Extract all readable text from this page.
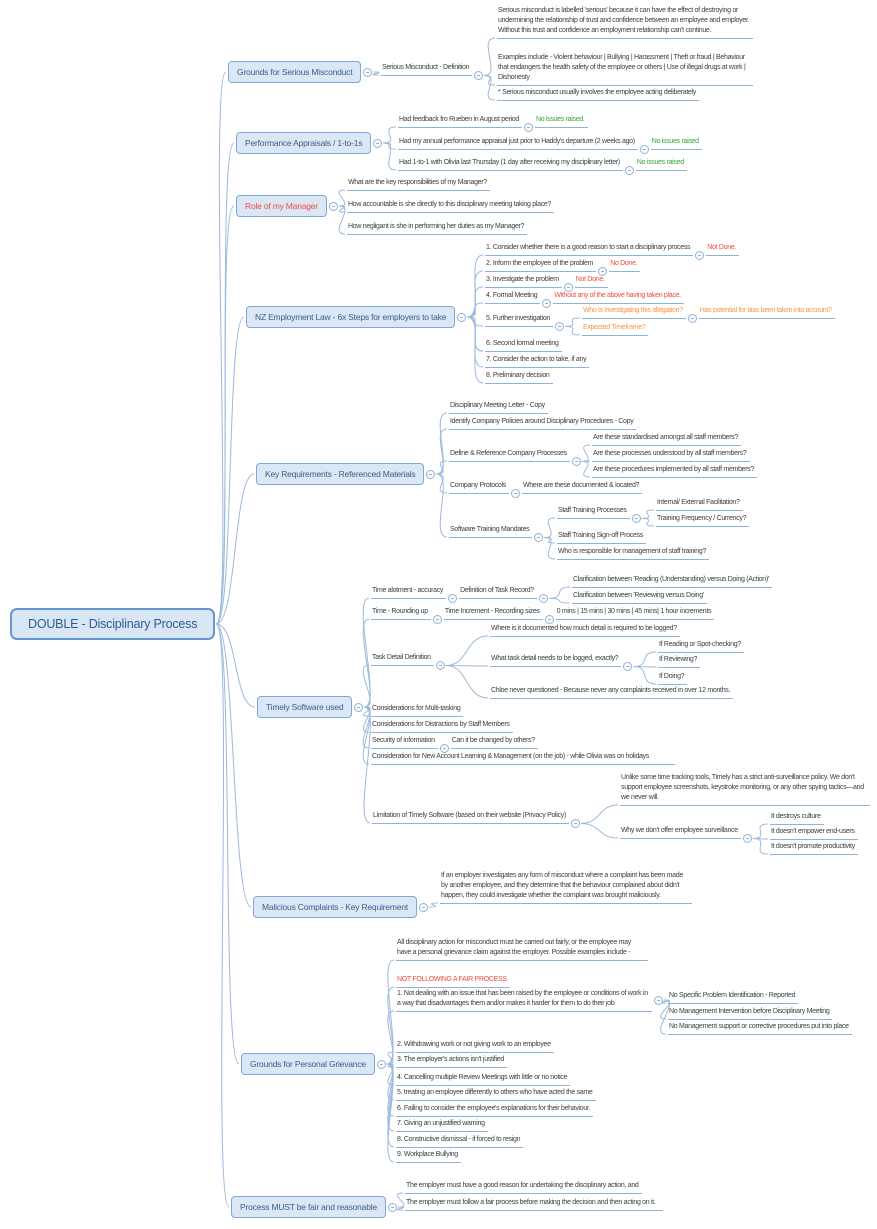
DOUBLE - Disciplinary Process
Grounds for Serious Misconduct	Serious Misconduct - Definition
Serious misconduct is labelled 'serious' because it can have the effect of destroying or undermining the relationship of trust and confidence between an employee and employer. Without this trust and confidence an employment relationship can't continue.
Examples include - Violent behaviour | Bullying | Harassment | Theft or fraud | Behaviour that endangers the health safety of the employee or others | Use of illegal drugs at work | Dishonesty
* Serious misconduct usually involves the employee acting deliberately
Performance Appraisals / 1-to-1s
Had feedback fro Rueben in August period	No issues raised.
Had my annual performance appraisal just prior to Haddy's departure (2 weeks ago)	No issues raised
Had 1-to-1 with Olivia last Thursday (1 day after receiving my disciplinary letter)	No issues raised
Role of my Manager
What are the key responsibilities of my Manager?
How accountable is she directly to this disciplinary meeting taking place?
How negligant is she in performing her duties as my Manager?
NZ Employment Law - 6x Steps for employers to take
1. Consider whether there is a good reason to start a disciplinary process	Not Done.
2. Inform the employee of the problem	No Done.
3. Investigate the problem	Not Done.
4. Formal Meeting	Without any of the above having taken place.
5. Further investigation
Who is investigating this allegation?	Has potential for bias been taken into account?
Expected Timeframe?
6. Second formal meeting
7. Consider the action to take, if any
8. Preliminary decision
Key Requirements - Referenced Materials
Disciplinary Meeting Letter - Copy
Identify Company Policies around Disciplinary Procedures - Copy
Define & Reference Company Processes
Are these standardised amongst all staff members?
Are these processes understood by all staff members?
Are these procedures implemented by all staff members?
Company Protocols	Where are these documented & located?
Software Training Mandates
Staff Training Processes
Internal/ External Facilitation?
Training Frequency / Currency?
Staff Training Sign-off Process
Who is responsible for management of staff training?
Timely Software used
Time alotment - accuracy	Definition of Task Record?
Clarification between 'Reading (Understanding) versus Doing (Action)'
Clarification between 'Reviewing versus Doing'
Time - Rounding up	Time Increment - Recording sizes	0 mins | 15 mins | 30 mins | 45 mins| 1 hour increments
Task Detail Definition
Where is it documented how much detail is required to be logged?
What task detail needs to be logged, exactly?
If Reading or Spot-checking?
If Reviewing?
If Doing?
Chloe never questioned - Because never any complaints received in over 12 months.
Considerations for Multi-tasking
Considerations for Distractions by Staff Members
Security of information	Can it be changed by others?
Consideration for New Account Learning & Management (on the job) - while Olivia was on holidays
Limitation of Timely Software (based on their website (Privacy Policy)
Unlike some time tracking tools, Timely has a strict anti-surveillance policy. We don't support employee screenshots, keystroke monitoring, or any other spying tactics—and we never will.
Why we don't offer employee surveillance
It destroys culture
It doesn't empower end-users
It doesn't promote productivity
Malicious Complaints - Key Requirement
If an employer investigates any form of misconduct where a complaint has been made by another employee, and they determine that the behaviour complained about didn't happen, they could investigate whether the complaint was brought maliciously.
Grounds for Personal Grievance
All disciplinary action for misconduct must be carried out fairly, or the employee may have a personal grievance claim against the employer. Possible examples include -
NOT FOLLOWING A FAIR PROCESS
1. Not dealing with an issue that has been raised by the employee or conditions of work in a way that disadvantages them and/or makes it harder for them to do their job
No Specific Problem Identification - Reported
No Management Intervention before Disciplinary Meeting
No Management support or corrective procedures put into place
2. Withdrawing work or not giving work to an employee
3. The employer's actions isn't justified
4. Cancelling multiple Review Meetings with little or no notice
5. treating an employee differently to others who have acted the same
6. Failing to consider the employee's explanations for their behaviour.
7. Giving an unjustified warning
8. Constructive dismissal - if forced to resign
9. Workplace Bullying
Process MUST be fair and reasonable
The employer must have a good reason for undertaking the disciplinary action, and
The employer must follow a fair process before making the decision and then acting on it.
